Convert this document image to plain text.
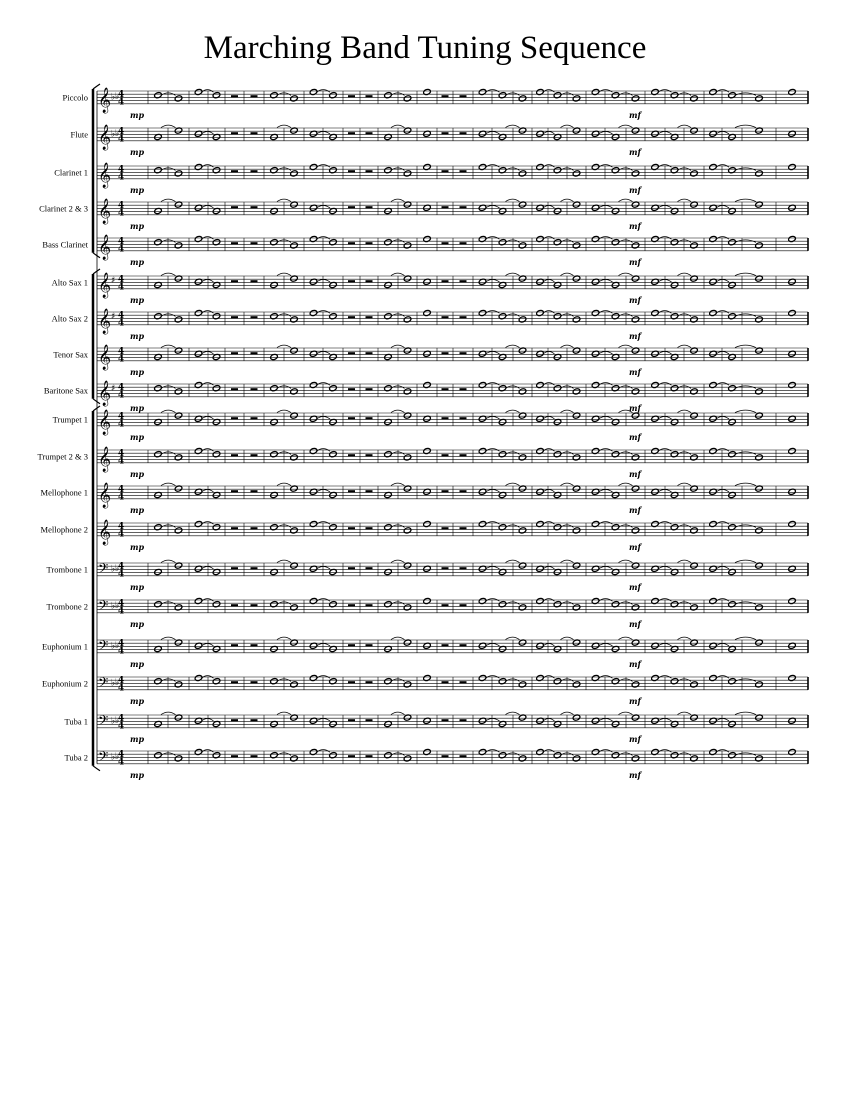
Marching Band Tuning Sequence
Piccolo 𝄞 ♭ ♭
4
4
mp	mf
Flute 𝄞 ♭ ♭
4
4
mp	mf
Clarinet 1 𝄞 4
4
mp	mf
Clarinet 2 & 3 𝄞 4
4
mp	mf
Bass Clarinet 𝄞 4
4
mp	mf
Alto Sax 1 𝄞 ♯ 4
4
mp	mf
Alto Sax 2 𝄞 ♯ 4
4
mp	mf
Tenor Sax 𝄞 4
4
mp	mf
Baritone Sax 𝄞 ♯ 4
4
mp	mf
Trumpet 1 𝄞 4
4
mp	mf
Trumpet 2 & 3 𝄞 4
4
mp	mf
Mellophone 1 𝄞 4
4
mp	mf
Mellophone 2 𝄞 4
4
mp	mf
Trombone 1 𝄢 ♭ ♭
4
4
mp	mf
Trombone 2 𝄢 ♭ ♭
4
4
mp	mf
Euphonium 1 𝄢 ♭ ♭
4
4
mp	mf
Euphonium 2 𝄢 ♭ ♭
4
4
mp	mf
Tuba 1 𝄢 ♭ ♭
4
4
mp	mf
Tuba 2 𝄢 ♭ ♭
4
4
mp	mf
